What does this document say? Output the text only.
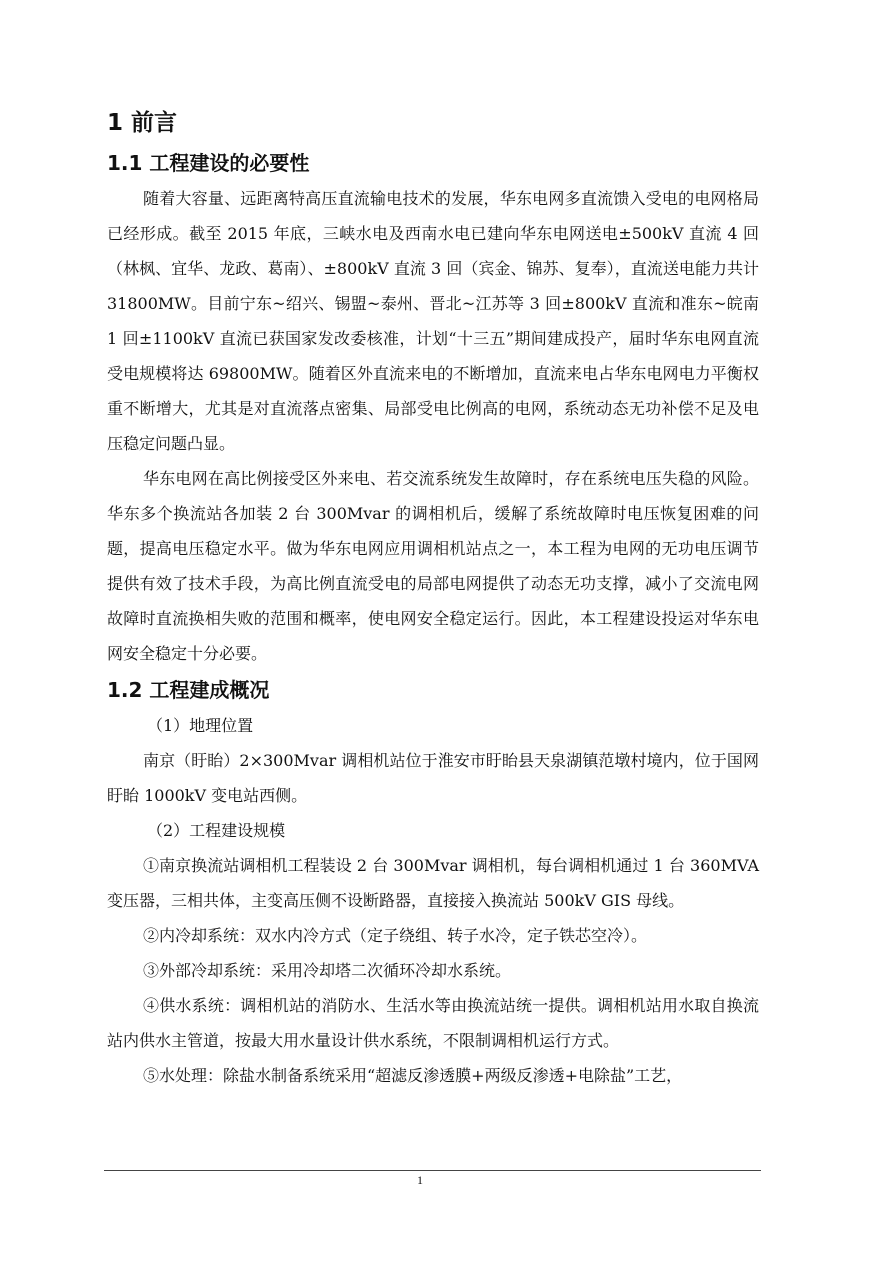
1 前言
1.1 工程建设的必要性

随着大容量、远距离特高压直流输电技术的发展，华东电网多直流馈入受电的电网格局已经形成。截至 2015 年底，三峡水电及西南水电已建向华东电网送电±500kV 直流 4 回（林枫、宜华、龙政、葛南）、±800kV 直流 3 回（宾金、锦苏、复奉），直流送电能力共计 31800MW。目前宁东~绍兴、锡盟~泰州、晋北~江苏等 3 回±800kV 直流和准东~皖南 1 回±1100kV 直流已获国家发改委核准，计划“十三五”期间建成投产，届时华东电网直流受电规模将达 69800MW。随着区外直流来电的不断增加，直流来电占华东电网电力平衡权重不断增大，尤其是对直流落点密集、局部受电比例高的电网，系统动态无功补偿不足及电压稳定问题凸显。

华东电网在高比例接受区外来电、若交流系统发生故障时，存在系统电压失稳的风险。华东多个换流站各加装 2 台 300Mvar 的调相机后，缓解了系统故障时电压恢复困难的问题，提高电压稳定水平。做为华东电网应用调相机站点之一，本工程为电网的无功电压调节提供有效了技术手段，为高比例直流受电的局部电网提供了动态无功支撑，减小了交流电网故障时直流换相失败的范围和概率，使电网安全稳定运行。因此，本工程建设投运对华东电网安全稳定十分必要。

1.2 工程建成概况

（1）地理位置

南京（盱眙）2×300Mvar 调相机站位于淮安市盱眙县天泉湖镇范墩村境内，位于国网盱眙 1000kV 变电站西侧。

（2）工程建设规模

①南京换流站调相机工程装设 2 台 300Mvar 调相机，每台调相机通过 1 台 360MVA 变压器，三相共体，主变高压侧不设断路器，直接接入换流站 500kV GIS 母线。

②内冷却系统：双水内冷方式（定子绕组、转子水冷，定子铁芯空冷）。

③外部冷却系统：采用冷却塔二次循环冷却水系统。

④供水系统：调相机站的消防水、生活水等由换流站统一提供。调相机站用水取自换流站内供水主管道，按最大用水量设计供水系统，不限制调相机运行方式。

⑤水处理：除盐水制备系统采用“超滤反渗透膜+两级反渗透+电除盐”工艺，

1
